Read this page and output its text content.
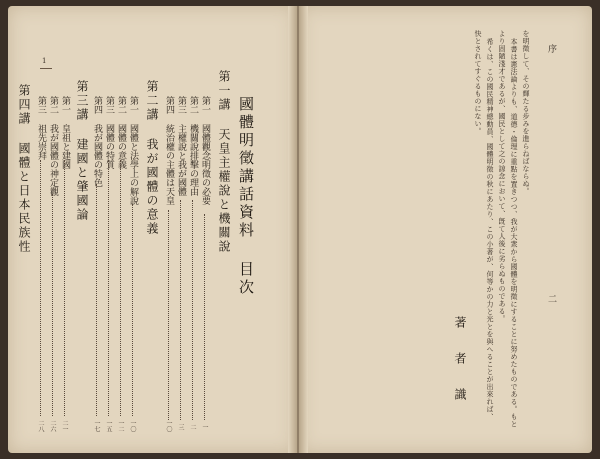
1
國體明徵講話資料 目次
第一講 天皇主權說と機關說
第一 國體觀念明徵の必要
一
第二 機關說排擊の理由
二
第三 主權說と我が國體
三
第四 統治權の主體は天皇
一〇
第二講 我が國體の意義
第一 國體と法學上の解說
一〇
第二 國體の意義
一二
第三 國體の特質
一五
第四 我が國體の特色
一七
第三講 建國と肇國論
第一 皇祖と建國
二一
第二 我が國體の神定觀
二六
第三 祖先崇拜
二八
第四講 國體と日本民族性
序
二
を明徵して、その輝たる步みを進らねばならぬ。
本書は憲法論よりも、道德・倫理に重點を置きつつ、我が大衆から國體を明徵にすることに努めたものである。もと
より固陋淺才であるが、國民として之の諒念において、旣て人後に劣らぬものである。
希くは、この國民精神總動員、國體明徵の秋にあたり、この小著が、何等かの力と光とを與へることが出來れば、
快とされてすぐるものにない。
著　者　識
